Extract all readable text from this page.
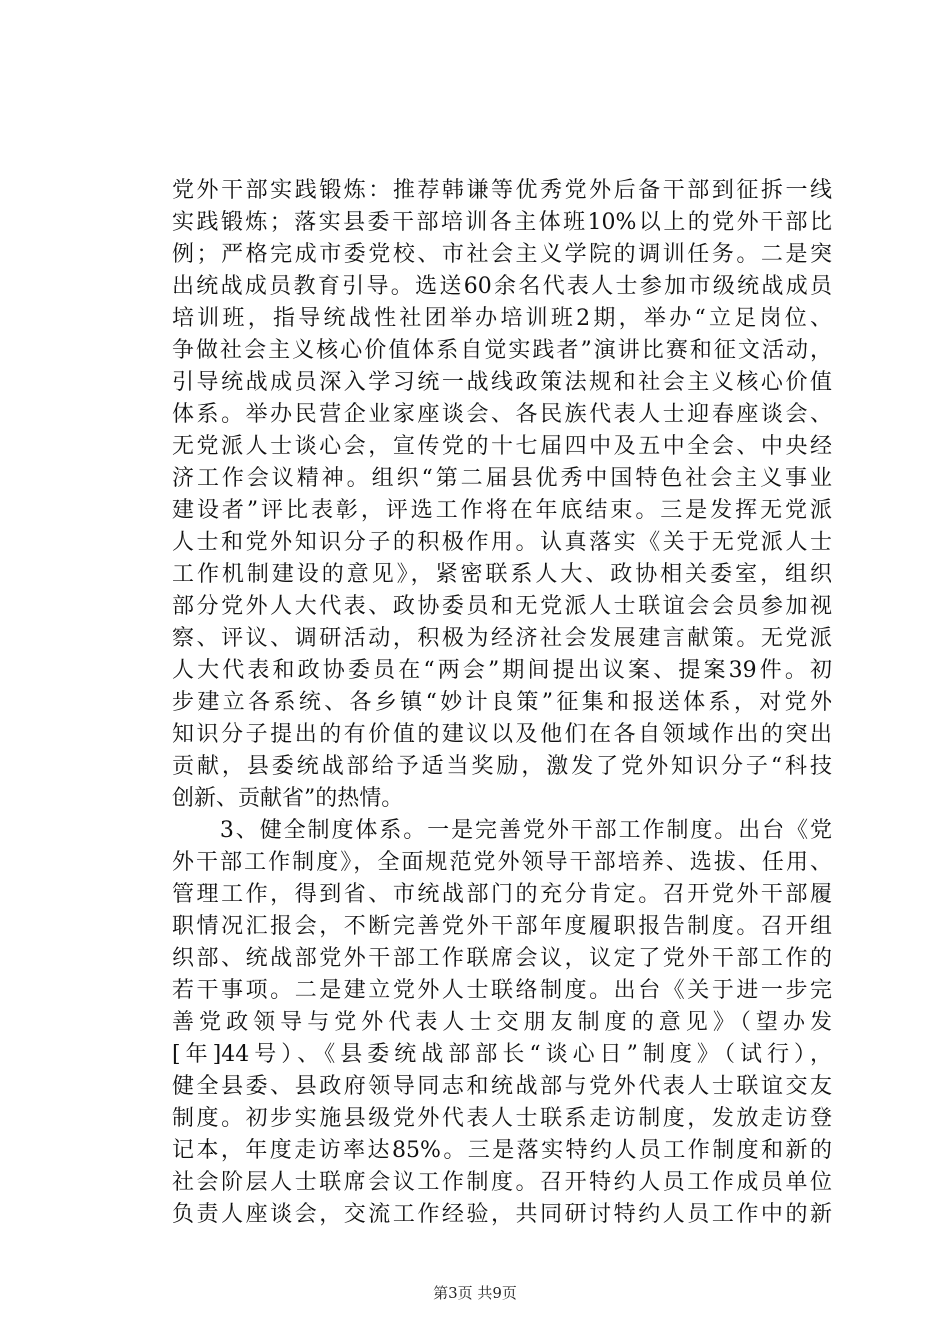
党外干部实践锻炼：推荐韩谦等优秀党外后备干部到征拆一线
实践锻炼；落实县委干部培训各主体班10%以上的党外干部比
例；严格完成市委党校、市社会主义学院的调训任务。二是突
出统战成员教育引导。选送60余名代表人士参加市级统战成员
培训班，指导统战性社团举办培训班2期，举办“立足岗位、
争做社会主义核心价值体系自觉实践者”演讲比赛和征文活动，
引导统战成员深入学习统一战线政策法规和社会主义核心价值
体系。举办民营企业家座谈会、各民族代表人士迎春座谈会、
无党派人士谈心会，宣传党的十七届四中及五中全会、中央经
济工作会议精神。组织“第二届县优秀中国特色社会主义事业
建设者”评比表彰，评选工作将在年底结束。三是发挥无党派
人士和党外知识分子的积极作用。认真落实《关于无党派人士
工作机制建设的意见》，紧密联系人大、政协相关委室，组织
部分党外人大代表、政协委员和无党派人士联谊会会员参加视
察、评议、调研活动，积极为经济社会发展建言献策。无党派
人大代表和政协委员在“两会”期间提出议案、提案39件。初
步建立各系统、各乡镇“妙计良策”征集和报送体系，对党外
知识分子提出的有价值的建议以及他们在各自领域作出的突出
贡献，县委统战部给予适当奖励，激发了党外知识分子“科技
创新、贡献省”的热情。
　　3、健全制度体系。一是完善党外干部工作制度。出台《党
外干部工作制度》，全面规范党外领导干部培养、选拔、任用、
管理工作，得到省、市统战部门的充分肯定。召开党外干部履
职情况汇报会，不断完善党外干部年度履职报告制度。召开组
织部、统战部党外干部工作联席会议，议定了党外干部工作的
若干事项。二是建立党外人士联络制度。出台《关于进一步完
善党政领导与党外代表人士交朋友制度的意见》（望办发
[年]44号）、《县委统战部部长“谈心日”制度》（试行），
健全县委、县政府领导同志和统战部与党外代表人士联谊交友
制度。初步实施县级党外代表人士联系走访制度，发放走访登
记本，年度走访率达85%。三是落实特约人员工作制度和新的
社会阶层人士联席会议工作制度。召开特约人员工作成员单位
负责人座谈会，交流工作经验，共同研讨特约人员工作中的新
第3页 共9页
